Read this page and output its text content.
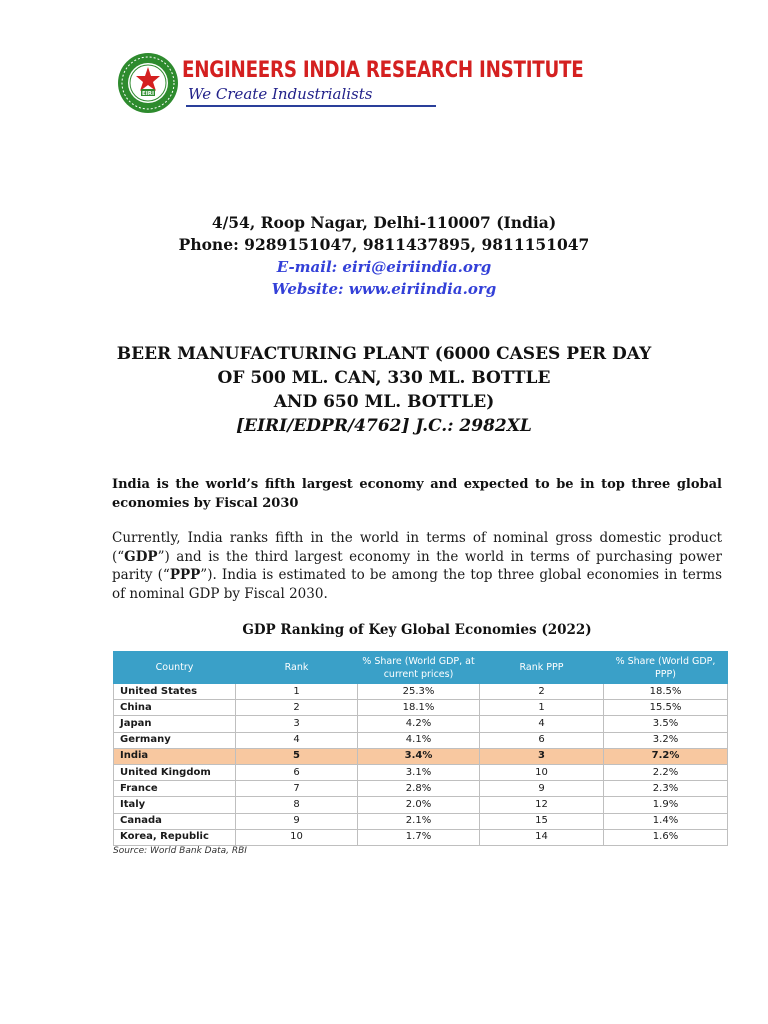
EIRI
ENGINEERS INDIA RESEARCH INSTITUTE
We Create Industrialists
4/54, Roop Nagar, Delhi-110007 (India)
Phone: 9289151047, 9811437895, 9811151047
E-mail: eiri@eiriindia.org
Website: www.eiriindia.org
BEER MANUFACTURING PLANT (6000 CASES PER DAY
OF 500 ML. CAN, 330 ML. BOTTLE
AND 650 ML. BOTTLE)
[EIRI/EDPR/4762] J.C.: 2982XL
India is the world’s fifth largest economy and expected to be in top three global economies by Fiscal 2030
Currently, India ranks fifth in the world in terms of nominal gross domestic product (“GDP”) and is the third largest economy in the world in terms of purchasing power parity (“PPP”). India is estimated to be among the top three global economies in terms of nominal GDP by Fiscal 2030.
GDP Ranking of Key Global Economies (2022)
Country	Rank	% Share (World GDP, at current prices)	Rank PPP	% Share (World GDP, PPP)
United States	1	25.3%	2	18.5%
China	2	18.1%	1	15.5%
Japan	3	4.2%	4	3.5%
Germany	4	4.1%	6	3.2%
India	5	3.4%	3	7.2%
United Kingdom	6	3.1%	10	2.2%
France	7	2.8%	9	2.3%
Italy	8	2.0%	12	1.9%
Canada	9	2.1%	15	1.4%
Korea, Republic	10	1.7%	14	1.6%
Source: World Bank Data, RBI
